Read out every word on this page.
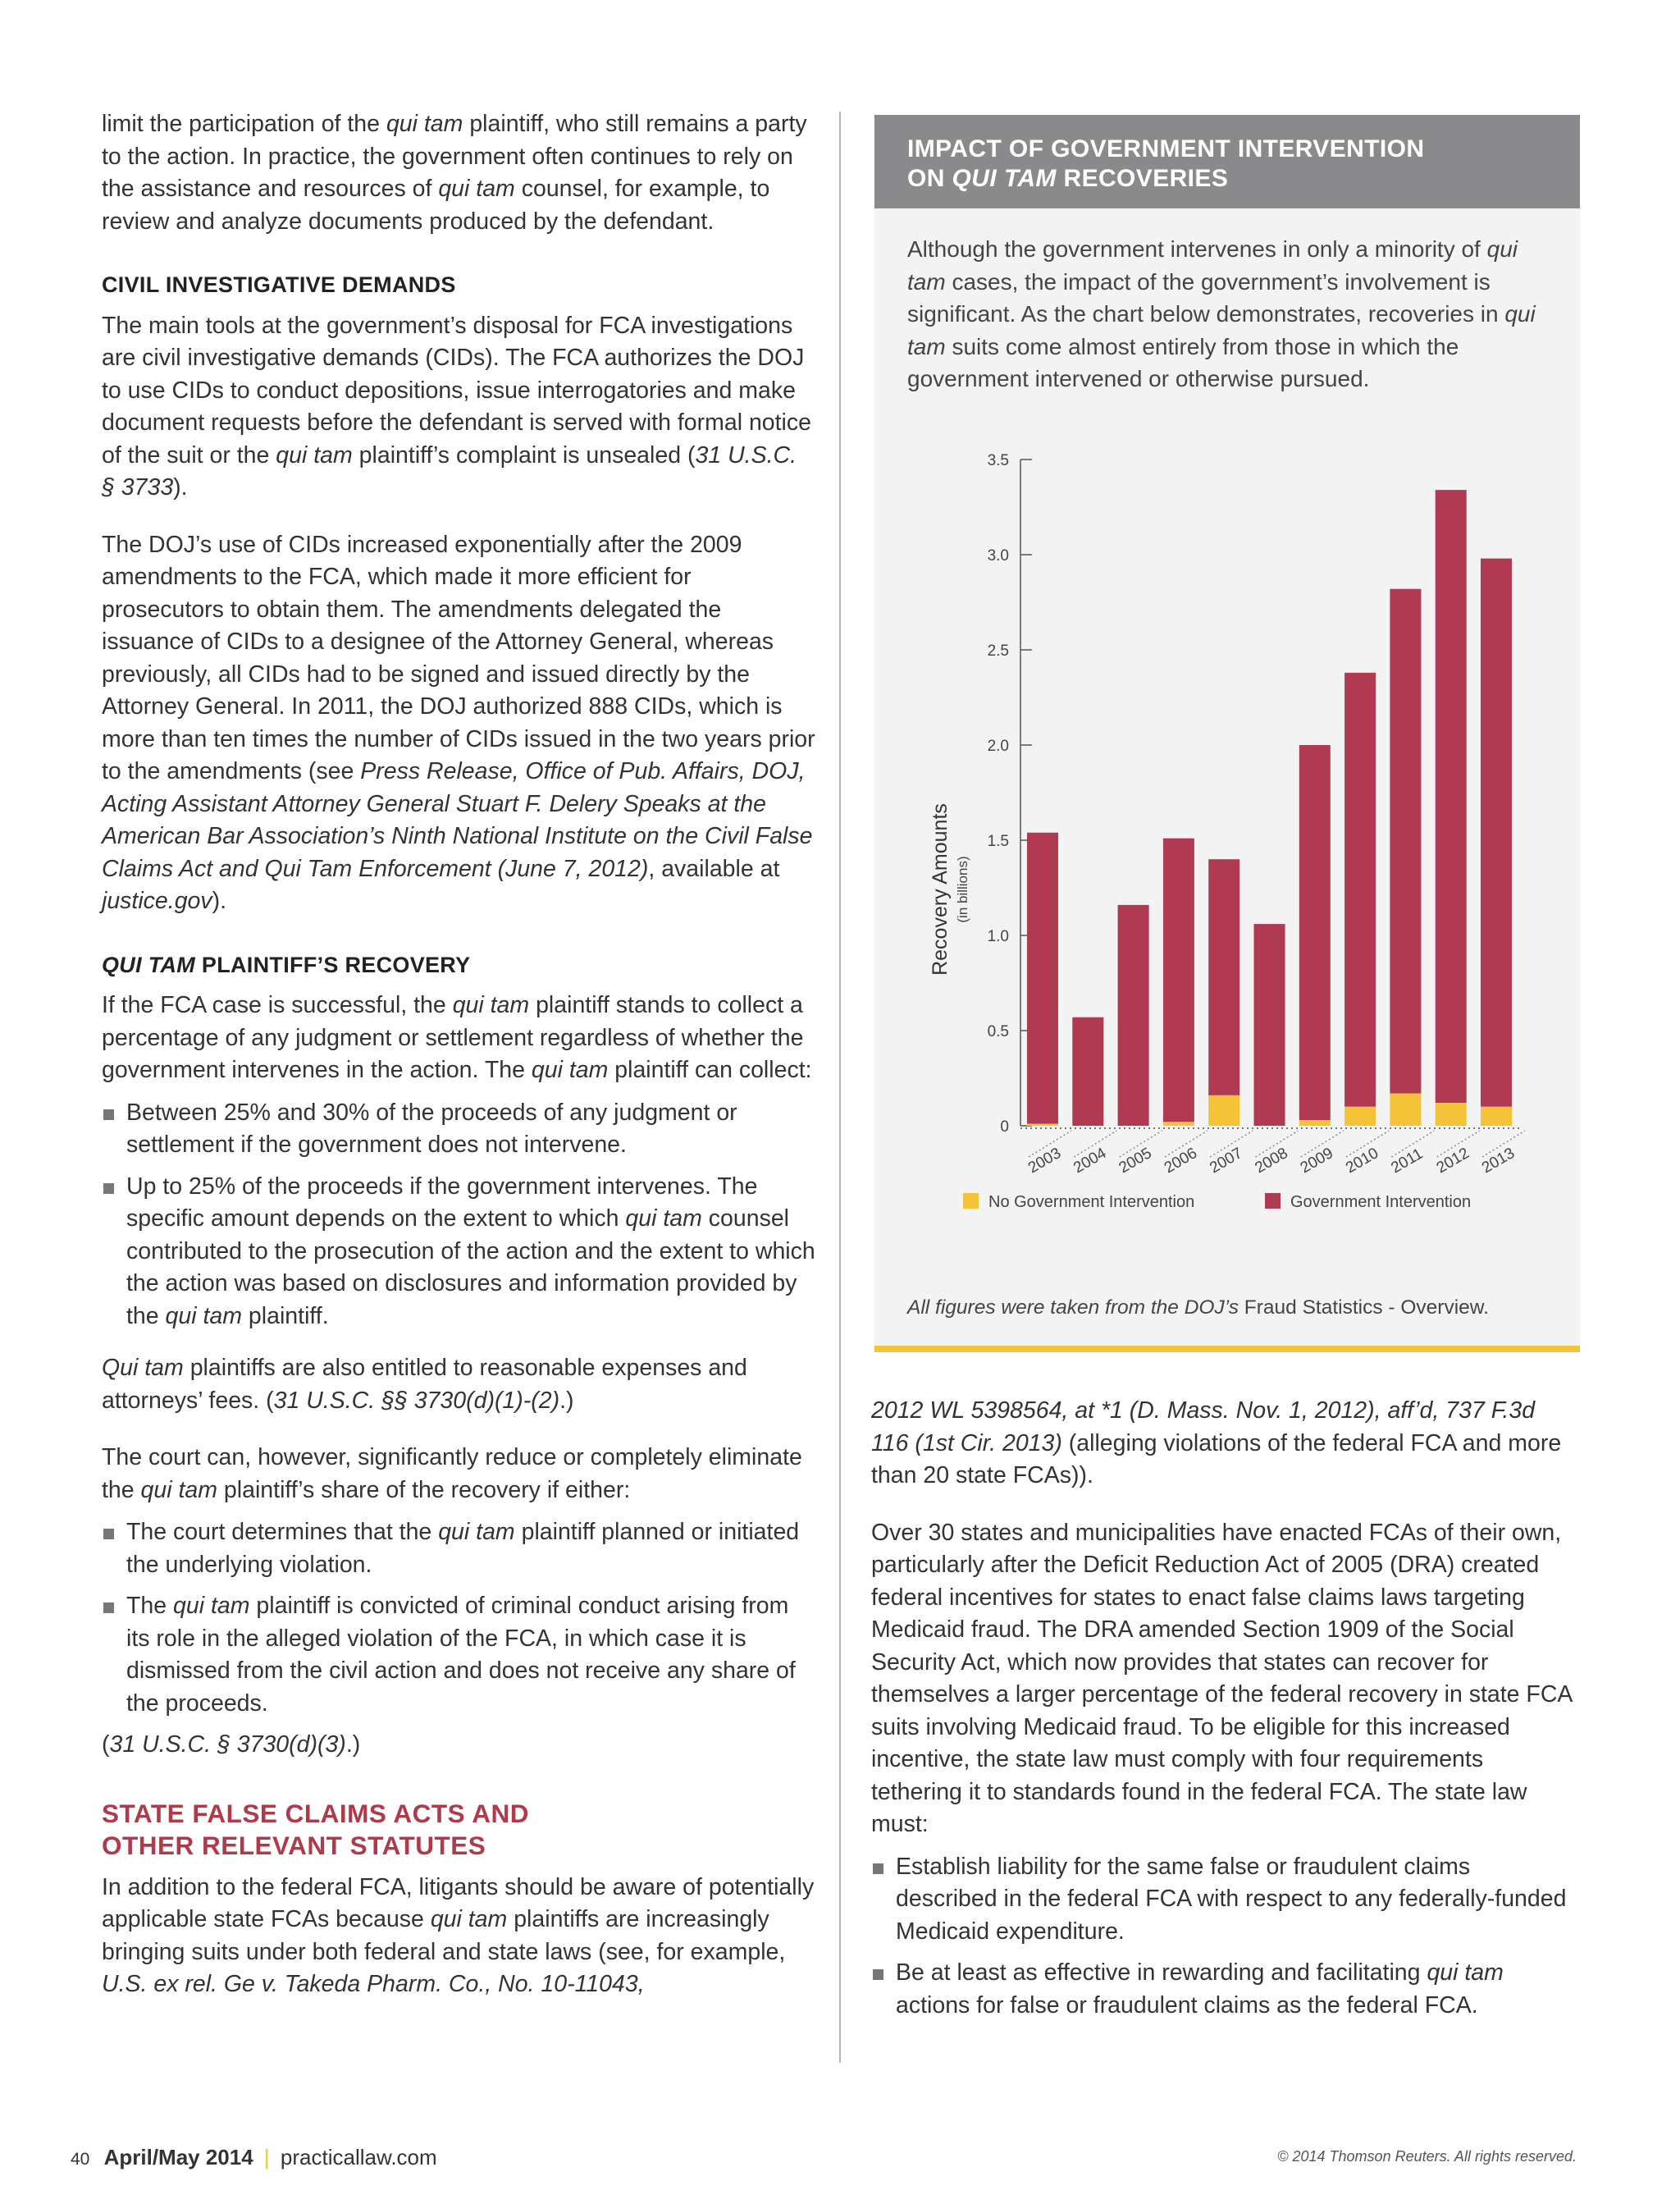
limit the participation of the qui tam plaintiff, who still remains a party to the action. In practice, the government often continues to rely on the assistance and resources of qui tam counsel, for example, to review and analyze documents produced by the defendant.

CIVIL INVESTIGATIVE DEMANDS

The main tools at the government’s disposal for FCA investigations are civil investigative demands (CIDs). The FCA authorizes the DOJ to use CIDs to conduct depositions, issue interrogatories and make document requests before the defendant is served with formal notice of the suit or the qui tam plaintiff’s complaint is unsealed (31 U.S.C. § 3733).

The DOJ’s use of CIDs increased exponentially after the 2009 amendments to the FCA, which made it more efficient for prosecutors to obtain them. The amendments delegated the issuance of CIDs to a designee of the Attorney General, whereas previously, all CIDs had to be signed and issued directly by the Attorney General. In 2011, the DOJ authorized 888 CIDs, which is more than ten times the number of CIDs issued in the two years prior to the amendments (see Press Release, Office of Pub. Affairs, DOJ, Acting Assistant Attorney General Stuart F. Delery Speaks at the American Bar Association’s Ninth National Institute on the Civil False Claims Act and Qui Tam Enforcement (June 7, 2012), available at justice.gov).

QUI TAM PLAINTIFF’S RECOVERY

If the FCA case is successful, the qui tam plaintiff stands to collect a percentage of any judgment or settlement regardless of whether the government intervenes in the action. The qui tam plaintiff can collect:

Between 25% and 30% of the proceeds of any judgment or settlement if the government does not intervene.
Up to 25% of the proceeds if the government intervenes. The specific amount depends on the extent to which qui tam counsel contributed to the prosecution of the action and the extent to which the action was based on disclosures and information provided by the qui tam plaintiff.

Qui tam plaintiffs are also entitled to reasonable expenses and attorneys’ fees. (31 U.S.C. §§ 3730(d)(1)-(2).)

The court can, however, significantly reduce or completely eliminate the qui tam plaintiff’s share of the recovery if either:

The court determines that the qui tam plaintiff planned or initiated the underlying violation.
The qui tam plaintiff is convicted of criminal conduct arising from its role in the alleged violation of the FCA, in which case it is dismissed from the civil action and does not receive any share of the proceeds.

(31 U.S.C. § 3730(d)(3).)

STATE FALSE CLAIMS ACTS AND OTHER RELEVANT STATUTES

In addition to the federal FCA, litigants should be aware of potentially applicable state FCAs because qui tam plaintiffs are increasingly bringing suits under both federal and state laws (see, for example, U.S. ex rel. Ge v. Takeda Pharm. Co., No. 10-11043,

IMPACT OF GOVERNMENT INTERVENTION
ON QUI TAM RECOVERIES
Although the government intervenes in only a minority of qui tam cases, the impact of the government’s involvement is significant. As the chart below demonstrates, recoveries in qui tam suits come almost entirely from those in which the government intervened or otherwise pursued.
0
0.5
1.0
1.5
2.0
2.5
3.0
3.5
Recovery Amounts (in billions)
2003 2004 2005 2006 2007 2008 2009 2010 2011 2012 2013
No Government Intervention	Government Intervention
All figures were taken from the DOJ’s Fraud Statistics - Overview.

2012 WL 5398564, at *1 (D. Mass. Nov. 1, 2012), aff’d, 737 F.3d 116 (1st Cir. 2013) (alleging violations of the federal FCA and more than 20 state FCAs)).

Over 30 states and municipalities have enacted FCAs of their own, particularly after the Deficit Reduction Act of 2005 (DRA) created federal incentives for states to enact false claims laws targeting Medicaid fraud. The DRA amended Section 1909 of the Social Security Act, which now provides that states can recover for themselves a larger percentage of the federal recovery in state FCA suits involving Medicaid fraud. To be eligible for this increased incentive, the state law must comply with four requirements tethering it to standards found in the federal FCA. The state law must:

Establish liability for the same false or fraudulent claims described in the federal FCA with respect to any federally-funded Medicaid expenditure.
Be at least as effective in rewarding and facilitating qui tam actions for false or fraudulent claims as the federal FCA.
40 April/May 2014 | practicallaw.com	© 2014 Thomson Reuters. All rights reserved.
